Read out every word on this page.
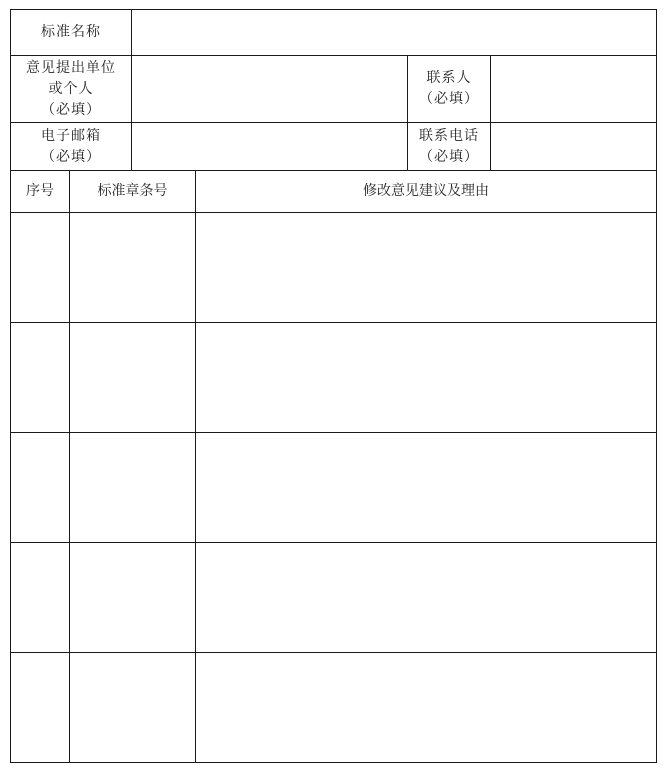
标准名称
意见提出单位
或个人
（必填）
联系人
（必填）
电子邮箱
（必填）
联系电话
（必填）
序号	标准章条号	修改意见建议及理由
